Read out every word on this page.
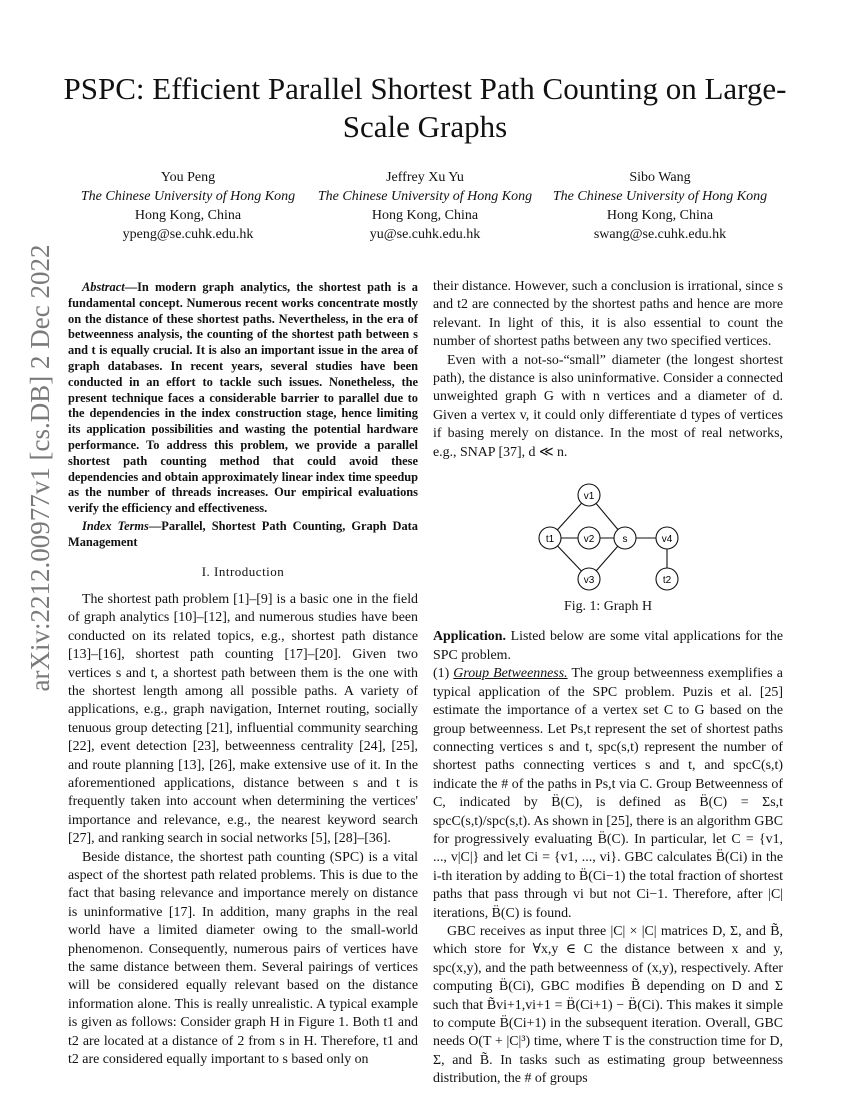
PSPC: Efficient Parallel Shortest Path Counting on Large-Scale Graphs
You Peng
The Chinese University of Hong Kong
Hong Kong, China
ypeng@se.cuhk.edu.hk
Jeffrey Xu Yu
The Chinese University of Hong Kong
Hong Kong, China
yu@se.cuhk.edu.hk
Sibo Wang
The Chinese University of Hong Kong
Hong Kong, China
swang@se.cuhk.edu.hk
arXiv:2212.00977v1 [cs.DB] 2 Dec 2022	Abstract—In modern graph analytics, the shortest path is a fundamental concept. Numerous recent works concentrate mostly on the distance of these shortest paths. Nevertheless, in the era of betweenness analysis, the counting of the shortest path between s and t is equally crucial. It is also an important issue in the area of graph databases. In recent years, several studies have been conducted in an effort to tackle such issues. Nonetheless, the present technique faces a considerable barrier to parallel due to the dependencies in the index construction stage, hence limiting its application possibilities and wasting the potential hardware performance. To address this problem, we provide a parallel shortest path counting method that could avoid these dependencies and obtain approximately linear index time speedup as the number of threads increases. Our empirical evaluations verify the efficiency and effectiveness.

Index Terms—Parallel, Shortest Path Counting, Graph Data Management

I. Introduction

The shortest path problem [1]–[9] is a basic one in the field of graph analytics [10]–[12], and numerous studies have been conducted on its related topics, e.g., shortest path distance [13]–[16], shortest path counting [17]–[20]. Given two vertices s and t, a shortest path between them is the one with the shortest length among all possible paths. A variety of applications, e.g., graph navigation, Internet routing, socially tenuous group detecting [21], influential community searching [22], event detection [23], betweenness centrality [24], [25], and route planning [13], [26], make extensive use of it. In the aforementioned applications, distance between s and t is frequently taken into account when determining the vertices' importance and relevance, e.g., the nearest keyword search [27], and ranking search in social networks [5], [28]–[36].

Beside distance, the shortest path counting (SPC) is a vital aspect of the shortest path related problems. This is due to the fact that basing relevance and importance merely on distance is uninformative [17]. In addition, many graphs in the real world have a limited diameter owing to the small-world phenomenon. Consequently, numerous pairs of vertices have the same distance between them. Several pairings of vertices will be considered equally relevant based on the distance information alone. This is really unrealistic. A typical example is given as follows: Consider graph H in Figure 1. Both t1 and t2 are located at a distance of 2 from s in H. Therefore, t1 and t2 are considered equally important to s based only on

their distance. However, such a conclusion is irrational, since s and t2 are connected by the shortest paths and hence are more relevant. In light of this, it is also essential to count the number of shortest paths between any two specified vertices.

Even with a not-so-“small” diameter (the longest shortest path), the distance is also uninformative. Consider a connected unweighted graph G with n vertices and a diameter of d. Given a vertex v, it could only differentiate d types of vertices if basing merely on distance. In the most of real networks, e.g., SNAP [37], d ≪ n.

t1
v1
v2
v3
s	v4
t2
Fig. 1: Graph H

Application. Listed below are some vital applications for the SPC problem.

(1) Group Betweenness. The group betweenness exemplifies a typical application of the SPC problem. Puzis et al. [25] estimate the importance of a vertex set C to G based on the group betweenness. Let Ps,t represent the set of shortest paths connecting vertices s and t, spc(s,t) represent the number of shortest paths connecting vertices s and t, and spcC(s,t) indicate the # of the paths in Ps,t via C. Group Betweenness of C, indicated by B̈(C), is defined as B̈(C) = Σs,t spcC(s,t)/spc(s,t). As shown in [25], there is an algorithm GBC for progressively evaluating B̈(C). In particular, let C = {v1, ..., v|C|} and let Ci = {v1, ..., vi}. GBC calculates B̈(Ci) in the i-th iteration by adding to B̈(Ci−1) the total fraction of shortest paths that pass through vi but not Ci−1. Therefore, after |C| iterations, B̈(C) is found.

GBC receives as input three |C| × |C| matrices D, Σ, and B̃, which store for ∀x,y ∈ C the distance between x and y, spc(x,y), and the path betweenness of (x,y), respectively. After computing B̈(Ci), GBC modifies B̃ depending on D and Σ such that B̃vi+1,vi+1 = B̈(Ci+1) − B̈(Ci). This makes it simple to compute B̈(Ci+1) in the subsequent iteration. Overall, GBC needs O(T + |C|³) time, where T is the construction time for D, Σ, and B̃. In tasks such as estimating group betweenness distribution, the # of groups
